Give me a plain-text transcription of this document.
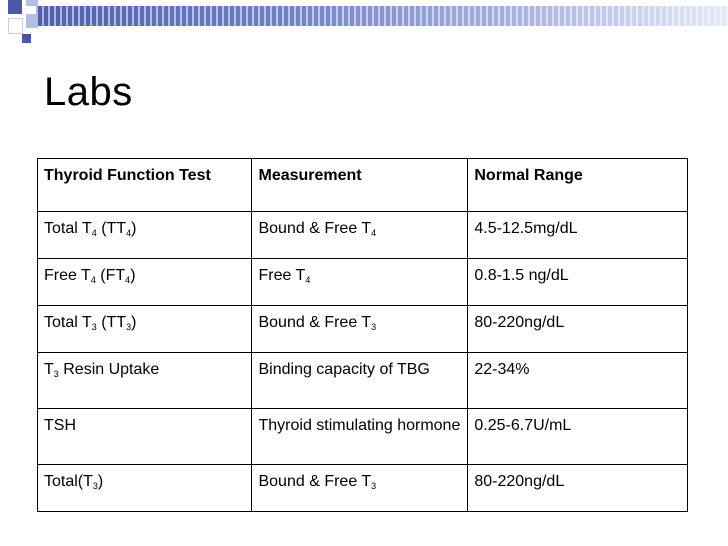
Labs
Thyroid Function Test	Measurement	Normal Range
Total $T_4$ $(TT_4)$	Bound & Free $T_4$	4.5-12.5mg/dL
Free $T_4$ $(FT_4)$	Free $T_4$	0.8-1.5 ng/dL
Total $T_3$ $(TT_3)$	Bound & Free $T_3$	80-220ng/dL
$T_3$ Resin Uptake	Binding capacity of TBG	22-34%
TSH	Thyroid stimulating hormone	0.25-6.7U/mL
$Total(T_3)$	Bound & Free $T_3$	80-220ng/dL
